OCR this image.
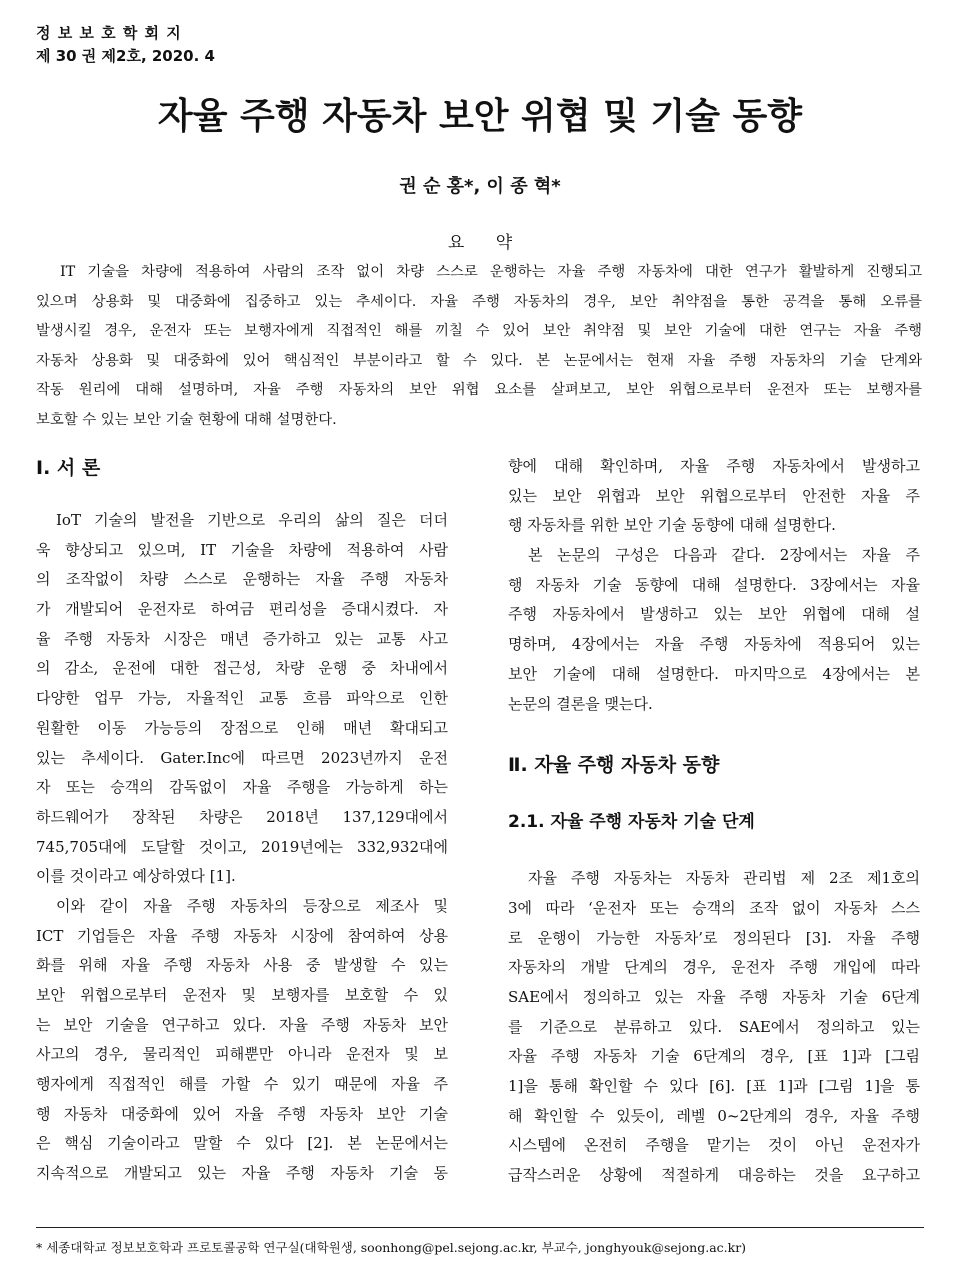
정 보 보 호 학 회 지
제 30 권 제2호, 2020. 4
자율 주행 자동차 보안 위협 및 기술 동향
권 순 홍*, 이 종 혁*
요 약
IT 기술을 차량에 적용하여 사람의 조작 없이 차량 스스로 운행하는 자율 주행 자동차에 대한 연구가 활발하게 진행되고
있으며 상용화 및 대중화에 집중하고 있는 추세이다. 자율 주행 자동차의 경우, 보안 취약점을 통한 공격을 통해 오류를
발생시킬 경우, 운전자 또는 보행자에게 직접적인 해를 끼칠 수 있어 보안 취약점 및 보안 기술에 대한 연구는 자율 주행
자동차 상용화 및 대중화에 있어 핵심적인 부분이라고 할 수 있다. 본 논문에서는 현재 자율 주행 자동차의 기술 단계와
작동 원리에 대해 설명하며, 자율 주행 자동차의 보안 위협 요소를 살펴보고, 보안 위협으로부터 운전자 또는 보행자를
보호할 수 있는 보안 기술 현황에 대해 설명한다.
Ⅰ. 서 론
IoT 기술의 발전을 기반으로 우리의 삶의 질은 더더
욱 향상되고 있으며, IT 기술을 차량에 적용하여 사람
의 조작없이 차량 스스로 운행하는 자율 주행 자동차
가 개발되어 운전자로 하여금 편리성을 증대시켰다. 자
율 주행 자동차 시장은 매년 증가하고 있는 교통 사고
의 감소, 운전에 대한 접근성, 차량 운행 중 차내에서
다양한 업무 가능, 자율적인 교통 흐름 파악으로 인한
원활한 이동 가능등의 장점으로 인해 매년 확대되고
있는 추세이다. Gater.Inc에 따르면 2023년까지 운전
자 또는 승객의 감독없이 자율 주행을 가능하게 하는
하드웨어가 장착된 차량은 2018년 137,129대에서
745,705대에 도달할 것이고, 2019년에는 332,932대에
이를 것이라고 예상하였다 [1].
이와 같이 자율 주행 자동차의 등장으로 제조사 및
ICT 기업들은 자율 주행 자동차 시장에 참여하여 상용
화를 위해 자율 주행 자동차 사용 중 발생할 수 있는
보안 위협으로부터 운전자 및 보행자를 보호할 수 있
는 보안 기술을 연구하고 있다. 자율 주행 자동차 보안
사고의 경우, 물리적인 피해뿐만 아니라 운전자 및 보
행자에게 직접적인 해를 가할 수 있기 때문에 자율 주
행 자동차 대중화에 있어 자율 주행 자동차 보안 기술
은 핵심 기술이라고 말할 수 있다 [2]. 본 논문에서는
지속적으로 개발되고 있는 자율 주행 자동차 기술 동
향에 대해 확인하며, 자율 주행 자동차에서 발생하고
있는 보안 위협과 보안 위협으로부터 안전한 자율 주
행 자동차를 위한 보안 기술 동향에 대해 설명한다.
본 논문의 구성은 다음과 같다. 2장에서는 자율 주
행 자동차 기술 동향에 대해 설명한다. 3장에서는 자율
주행 자동차에서 발생하고 있는 보안 위협에 대해 설
명하며, 4장에서는 자율 주행 자동차에 적용되어 있는
보안 기술에 대해 설명한다. 마지막으로 4장에서는 본
논문의 결론을 맺는다.
Ⅱ. 자율 주행 자동차 동향
2.1. 자율 주행 자동차 기술 단계
자율 주행 자동차는 자동차 관리법 제 2조 제1호의
3에 따라 ‘운전자 또는 승객의 조작 없이 자동차 스스
로 운행이 가능한 자동차’로 정의된다 [3]. 자율 주행
자동차의 개발 단계의 경우, 운전자 주행 개입에 따라
SAE에서 정의하고 있는 자율 주행 자동차 기술 6단계
를 기준으로 분류하고 있다. SAE에서 정의하고 있는
자율 주행 자동차 기술 6단계의 경우, [표 1]과 [그림
1]을 통해 확인할 수 있다 [6]. [표 1]과 [그림 1]을 통
해 확인할 수 있듯이, 레벨 0~2단계의 경우, 자율 주행
시스템에 온전히 주행을 맡기는 것이 아닌 운전자가
급작스러운 상황에 적절하게 대응하는 것을 요구하고
* 세종대학교 정보보호학과 프로토콜공학 연구실(대학원생, soonhong@pel.sejong.ac.kr, 부교수, jonghyouk@sejong.ac.kr)
